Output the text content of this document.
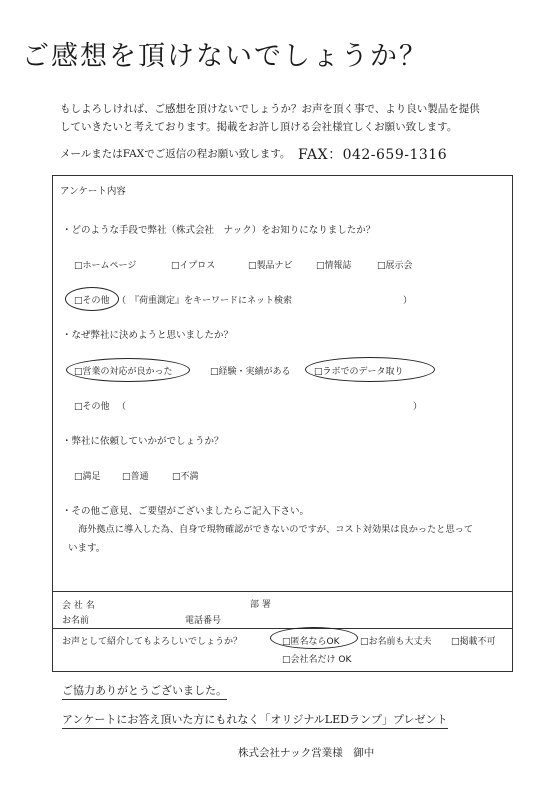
ご感想を頂けないでしょうか？
もしよろしければ、ご感想を頂けないでしょうか？お声を頂く事で、より良い製品を提供
していきたいと考えております。掲載をお許し頂ける会社様宜しくお願い致します。
メールまたはFAXでご返信の程お願い致します。 FAX：042-659-1316
アンケート内容
・どのような手段で弊社（株式会社　ナック）をお知りになりましたか？
□ホームページ	□イプロス	□製品ナビ	□情報誌	□展示会
□その他 （ 『荷重測定』をキーワードにネット検索	）
・なぜ弊社に決めようと思いましたか？
□営業の対応が良かった	□経験・実績がある	□ラボでのデータ取り
□その他 （	）
・弊社に依頼していかがでしょうか？
□満足 □普通	□不満
・その他ご意見、ご要望がございましたらご記入下さい。
海外拠点に導入した為、自身で現物確認ができないのですが、コスト対効果は良かったと思って
います。
会 社 名	部 署
お名前	電話番号
お声として紹介してもよろしいでしょうか？	□匿名ならOK □お名前も大丈夫 □掲載不可
□会社名だけ OK
ご協力ありがとうございました。
アンケートにお答え頂いた方にもれなく「オリジナルLEDランプ」プレゼント
株式会社ナック営業様　御中
